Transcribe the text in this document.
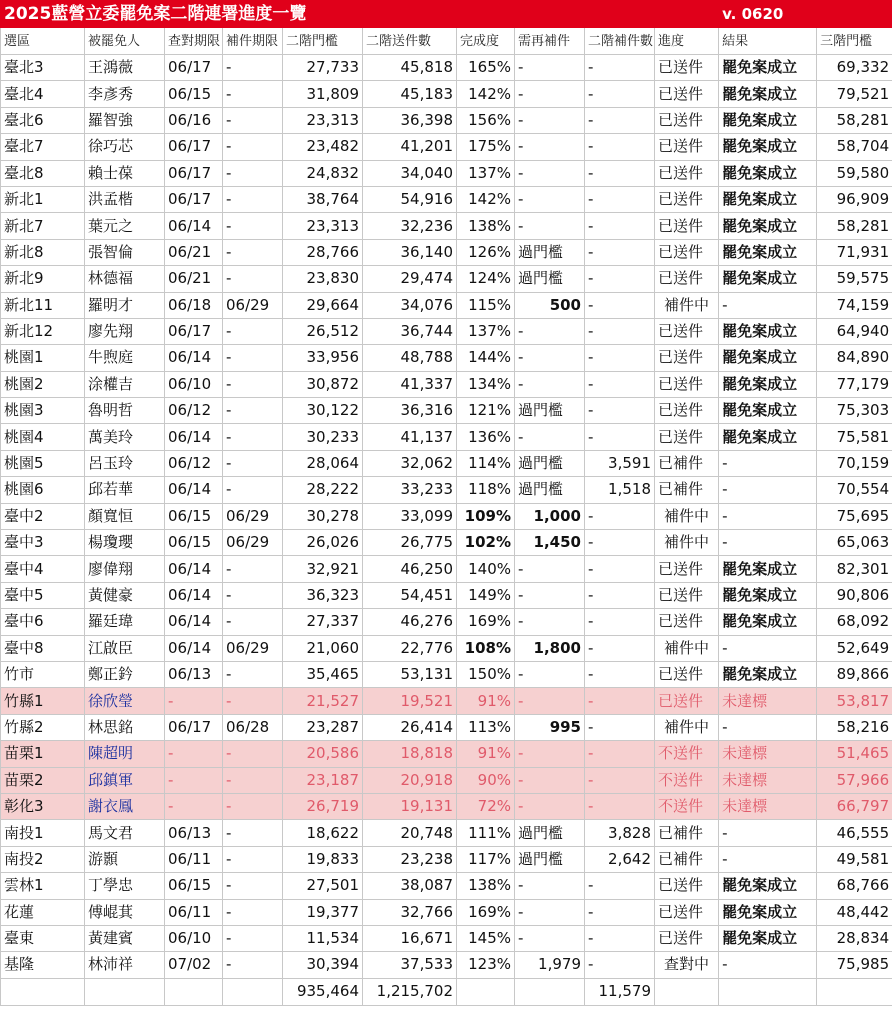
2025藍營立委罷免案二階連署進度一覽										v. 0620	
選區	被罷免人	查對期限	補件期限	二階門檻	二階送件數	完成度	需再補件	二階補件數	進度	結果	三階門檻
臺北3	王鴻薇	06/17	-	27,733	45,818	165%	-	-	已送件	罷免案成立	69,332
臺北4	李彥秀	06/15	-	31,809	45,183	142%	-	-	已送件	罷免案成立	79,521
臺北6	羅智強	06/16	-	23,313	36,398	156%	-	-	已送件	罷免案成立	58,281
臺北7	徐巧芯	06/17	-	23,482	41,201	175%	-	-	已送件	罷免案成立	58,704
臺北8	賴士葆	06/17	-	24,832	34,040	137%	-	-	已送件	罷免案成立	59,580
新北1	洪孟楷	06/17	-	38,764	54,916	142%	-	-	已送件	罷免案成立	96,909
新北7	葉元之	06/14	-	23,313	32,236	138%	-	-	已送件	罷免案成立	58,281
新北8	張智倫	06/21	-	28,766	36,140	126%	過門檻	-	已送件	罷免案成立	71,931
新北9	林德福	06/21	-	23,830	29,474	124%	過門檻	-	已送件	罷免案成立	59,575
新北11	羅明才	06/18	06/29	29,664	34,076	115%	500	-	補件中	-	74,159
新北12	廖先翔	06/17	-	26,512	36,744	137%	-	-	已送件	罷免案成立	64,940
桃園1	牛煦庭	06/14	-	33,956	48,788	144%	-	-	已送件	罷免案成立	84,890
桃園2	涂權吉	06/10	-	30,872	41,337	134%	-	-	已送件	罷免案成立	77,179
桃園3	魯明哲	06/12	-	30,122	36,316	121%	過門檻	-	已送件	罷免案成立	75,303
桃園4	萬美玲	06/14	-	30,233	41,137	136%	-	-	已送件	罷免案成立	75,581
桃園5	呂玉玲	06/12	-	28,064	32,062	114%	過門檻	3,591	已補件	-	70,159
桃園6	邱若華	06/14	-	28,222	33,233	118%	過門檻	1,518	已補件	-	70,554
臺中2	顏寬恒	06/15	06/29	30,278	33,099	109%	1,000	-	補件中	-	75,695
臺中3	楊瓊瓔	06/15	06/29	26,026	26,775	102%	1,450	-	補件中	-	65,063
臺中4	廖偉翔	06/14	-	32,921	46,250	140%	-	-	已送件	罷免案成立	82,301
臺中5	黃健豪	06/14	-	36,323	54,451	149%	-	-	已送件	罷免案成立	90,806
臺中6	羅廷瑋	06/14	-	27,337	46,276	169%	-	-	已送件	罷免案成立	68,092
臺中8	江啟臣	06/14	06/29	21,060	22,776	108%	1,800	-	補件中	-	52,649
竹市	鄭正鈐	06/13	-	35,465	53,131	150%	-	-	已送件	罷免案成立	89,866
竹縣1	徐欣瑩	-	-	21,527	19,521	91%	-	-	已送件	未達標	53,817
竹縣2	林思銘	06/17	06/28	23,287	26,414	113%	995	-	補件中	-	58,216
苗栗1	陳超明	-	-	20,586	18,818	91%	-	-	不送件	未達標	51,465
苗栗2	邱鎮軍	-	-	23,187	20,918	90%	-	-	不送件	未達標	57,966
彰化3	謝衣鳳	-	-	26,719	19,131	72%	-	-	不送件	未達標	66,797
南投1	馬文君	06/13	-	18,622	20,748	111%	過門檻	3,828	已補件	-	46,555
南投2	游顥	06/11	-	19,833	23,238	117%	過門檻	2,642	已補件	-	49,581
雲林1	丁學忠	06/15	-	27,501	38,087	138%	-	-	已送件	罷免案成立	68,766
花蓮	傅崐萁	06/11	-	19,377	32,766	169%	-	-	已送件	罷免案成立	48,442
臺東	黃建賓	06/10	-	11,534	16,671	145%	-	-	已送件	罷免案成立	28,834
基隆	林沛祥	07/02	-	30,394	37,533	123%	1,979	-	查對中	-	75,985
				935,464	1,215,702			11,579			
